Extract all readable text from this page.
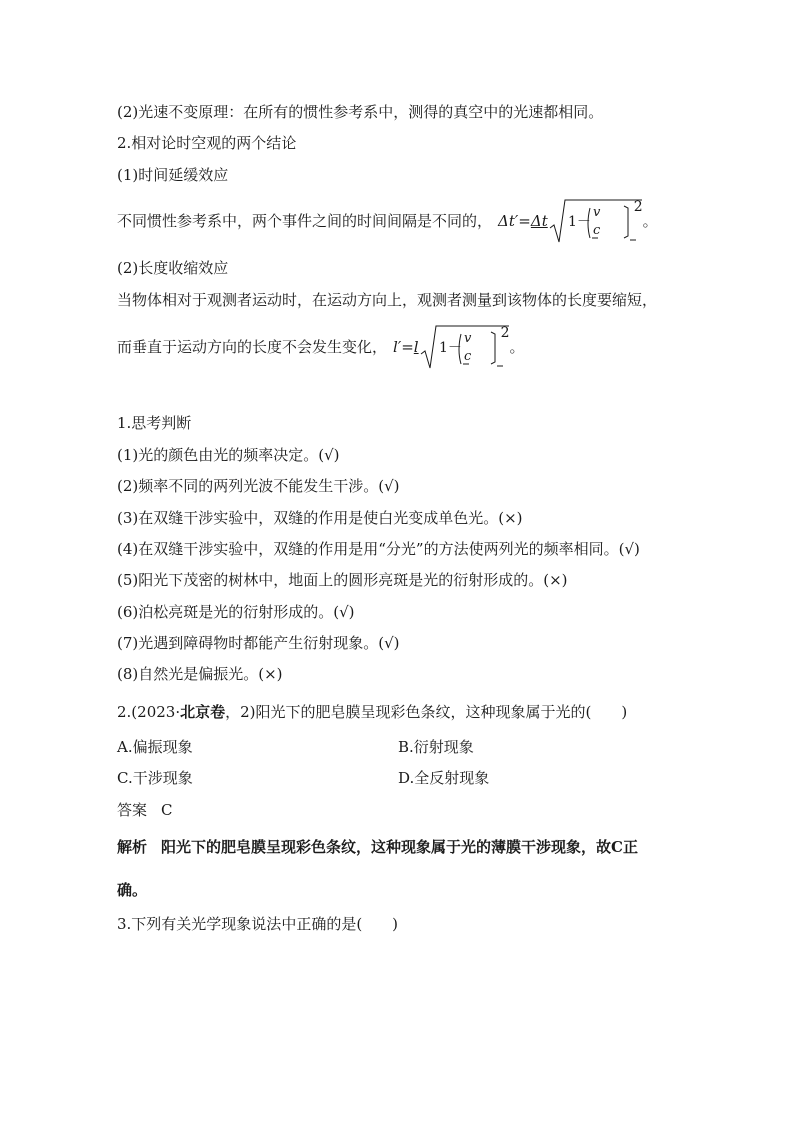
(2)光速不变原理：在所有的惯性参考系中，测得的真空中的光速都相同。
2.相对论时空观的两个结论
(1)时间延缓效应
不同惯性参考系中，两个事件之间的时间间隔是不同的， Δt′ = Δt 1－
v
c
2
。
(2)长度收缩效应
当物体相对于观测者运动时，在运动方向上，观测者测量到该物体的长度要缩短，
而垂直于运动方向的长度不会发生变化， l′ = l 1－
v
c
2
。
1.思考判断
(1)光的颜色由光的频率决定。(√)
(2)频率不同的两列光波不能发生干涉。(√)
(3)在双缝干涉实验中，双缝的作用是使白光变成单色光。(×)
(4)在双缝干涉实验中，双缝的作用是用“分光”的方法使两列光的频率相同。(√)
(5)阳光下茂密的树林中，地面上的圆形亮斑是光的衍射形成的。(×)
(6)泊松亮斑是光的衍射形成的。(√)
(7)光遇到障碍物时都能产生衍射现象。(√)
(8)自然光是偏振光。(×)
2.(2023·北京卷，2)阳光下的肥皂膜呈现彩色条纹，这种现象属于光的(　　)
A.偏振现象	B.衍射现象
C.干涉现象	D.全反射现象
答案 C
解析 阳光下的肥皂膜呈现彩色条纹，这种现象属于光的薄膜干涉现象，故C正
确。
3.下列有关光学现象说法中正确的是(　　)
